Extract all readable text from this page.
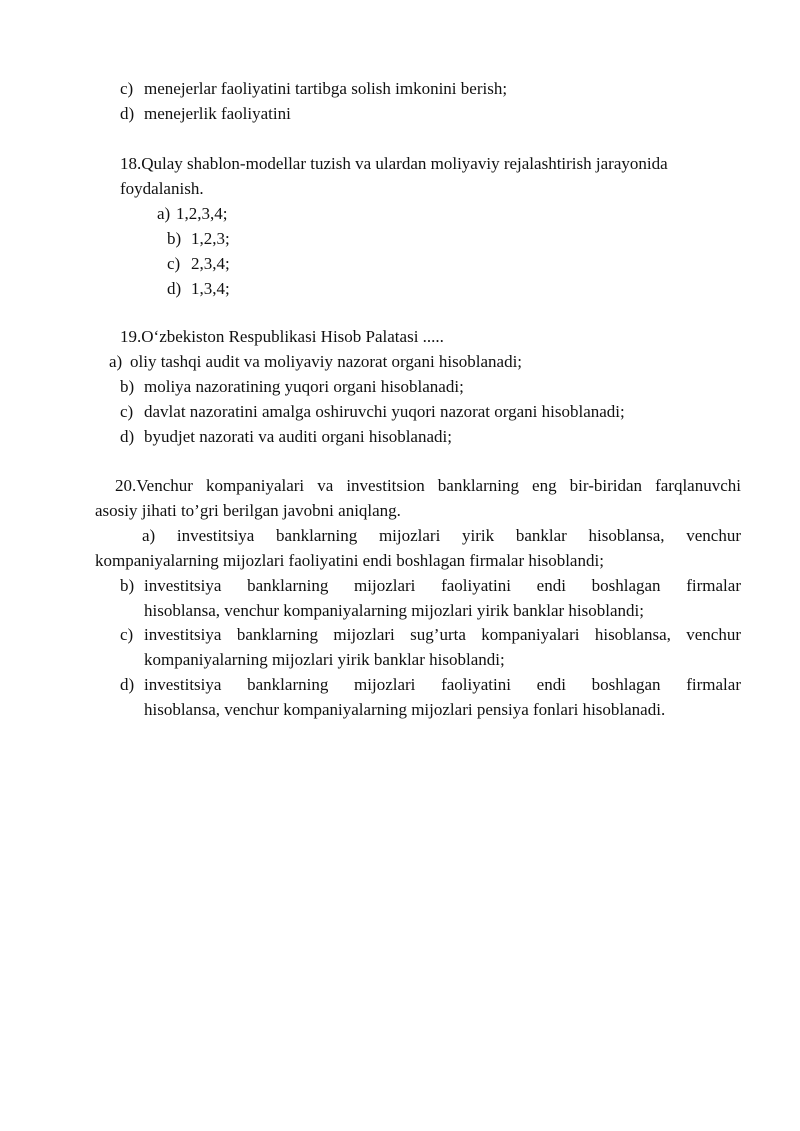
c) menejerlar faoliyatini tartibga solish imkonini berish;
d) menejerlik faoliyatini
18.Qulay shablon-modellar tuzish va ulardan moliyaviy rejalashtirish jarayonida
foydalanish.
a) 1,2,3,4;
b) 1,2,3;
c) 2,3,4;
d) 1,3,4;
19.O‘zbekiston Respublikasi Hisob Palatasi .....
a) oliy tashqi audit va moliyaviy nazorat organi hisoblanadi;
b) moliya nazoratining yuqori organi hisoblanadi;
c) davlat nazoratini amalga oshiruvchi yuqori nazorat organi hisoblanadi;
d) byudjet nazorati va auditi organi hisoblanadi;
20.Venchur kompaniyalari va investitsion banklarning eng bir-biridan farqlanuvchi
asosiy jihati to’gri berilgan javobni aniqlang.
a) investitsiya banklarning mijozlari yirik banklar hisoblansa, venchur
kompaniyalarning mijozlari faoliyatini endi boshlagan firmalar hisoblandi;
b) investitsiya banklarning mijozlari faoliyatini endi boshlagan firmalar
hisoblansa, venchur kompaniyalarning mijozlari yirik banklar hisoblandi;
c) investitsiya banklarning mijozlari sug’urta kompaniyalari hisoblansa, venchur
kompaniyalarning mijozlari yirik banklar hisoblandi;
d) investitsiya banklarning mijozlari faoliyatini endi boshlagan firmalar
hisoblansa, venchur kompaniyalarning mijozlari pensiya fonlari hisoblanadi.
